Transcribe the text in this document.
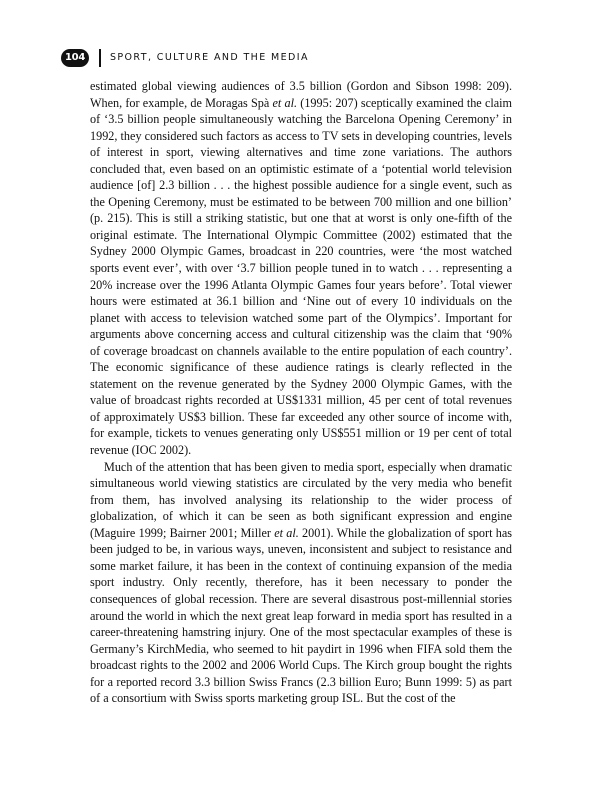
104	SPORT, CULTURE AND THE MEDIA

estimated global viewing audiences of 3.5 billion (Gordon and Sibson 1998: 209). When, for example, de Moragas Spà et al. (1995: 207) sceptically examined the claim of ‘3.5 billion people simultaneously watching the Barcelona Opening Ceremony’ in 1992, they considered such factors as access to TV sets in developing countries, levels of interest in sport, viewing alternatives and time zone variations. The authors concluded that, even based on an optimistic estimate of a ‘potential world television audience [of] 2.3 billion . . . the highest possible audience for a single event, such as the Opening Ceremony, must be estimated to be between 700 million and one billion’ (p. 215). This is still a striking statistic, but one that at worst is only one-fifth of the original estimate. The International Olympic Committee (2002) estimated that the Sydney 2000 Olympic Games, broadcast in 220 countries, were ‘the most watched sports event ever’, with over ‘3.7 billion people tuned in to watch . . . representing a 20% increase over the 1996 Atlanta Olympic Games four years before’. Total viewer hours were estimated at 36.1 billion and ‘Nine out of every 10 individuals on the planet with access to television watched some part of the Olympics’. Important for arguments above concerning access and cultural citizenship was the claim that ‘90% of coverage broadcast on channels available to the entire population of each country’. The economic significance of these audience ratings is clearly reflected in the statement on the revenue generated by the Sydney 2000 Olympic Games, with the value of broadcast rights recorded at US$1331 million, 45 per cent of total revenues of approximately US$3 billion. These far exceeded any other source of income with, for example, tickets to venues generating only US$551 million or 19 per cent of total revenue (IOC 2002).

Much of the attention that has been given to media sport, especially when dramatic simultaneous world viewing statistics are circulated by the very media who benefit from them, has involved analysing its relationship to the wider process of globalization, of which it can be seen as both significant expression and engine (Maguire 1999; Bairner 2001; Miller et al. 2001). While the globalization of sport has been judged to be, in various ways, uneven, inconsistent and subject to resistance and some market failure, it has been in the context of continuing expansion of the media sport industry. Only recently, therefore, has it been necessary to ponder the consequences of global recession. There are several disastrous post-millennial stories around the world in which the next great leap forward in media sport has resulted in a career-threatening hamstring injury. One of the most spectacular examples of these is Germany’s KirchMedia, who seemed to hit paydirt in 1996 when FIFA sold them the broadcast rights to the 2002 and 2006 World Cups. The Kirch group bought the rights for a reported record 3.3 billion Swiss Francs (2.3 billion Euro; Bunn 1999: 5) as part of a consortium with Swiss sports marketing group ISL. But the cost of the
